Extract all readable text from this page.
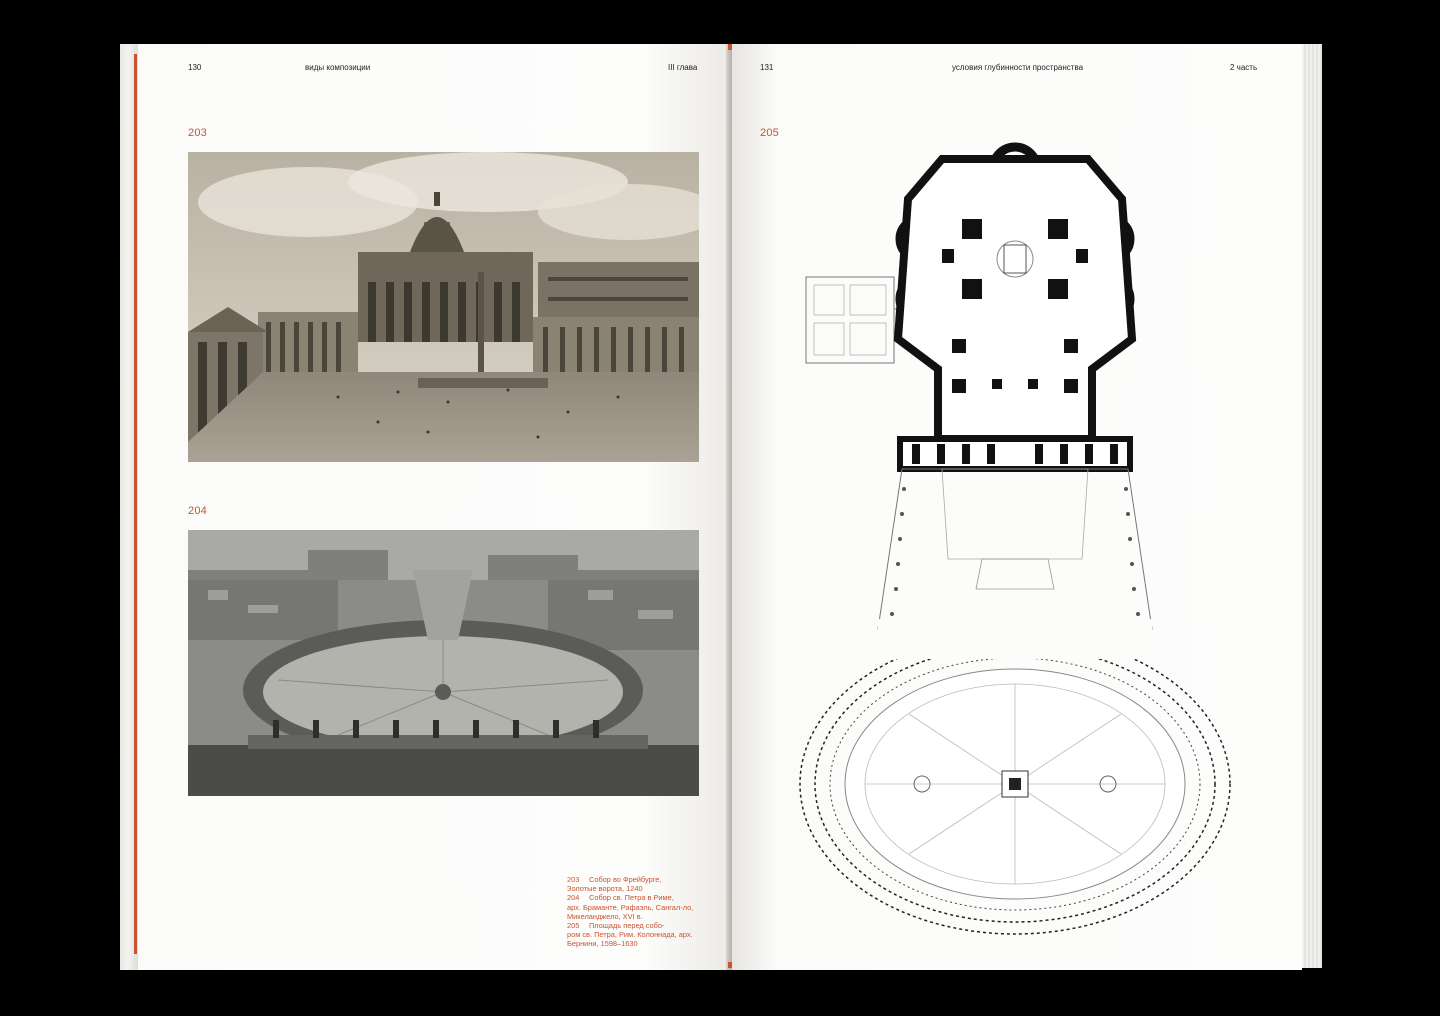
130	виды композиции	III глава
203
204
203 Собор во Фрейбурге,
Золотые ворота, 1240
204 Собор св. Петра в Риме,
арх. Браманте, Рафаэль, Сангал-ло, Микеланджело, XVI в.
205 Площадь перед собо-
ром св. Петра, Рим. Колоннада, арх. Бернини, 1598–1630
131	условия глубинности пространства	2 часть
205
